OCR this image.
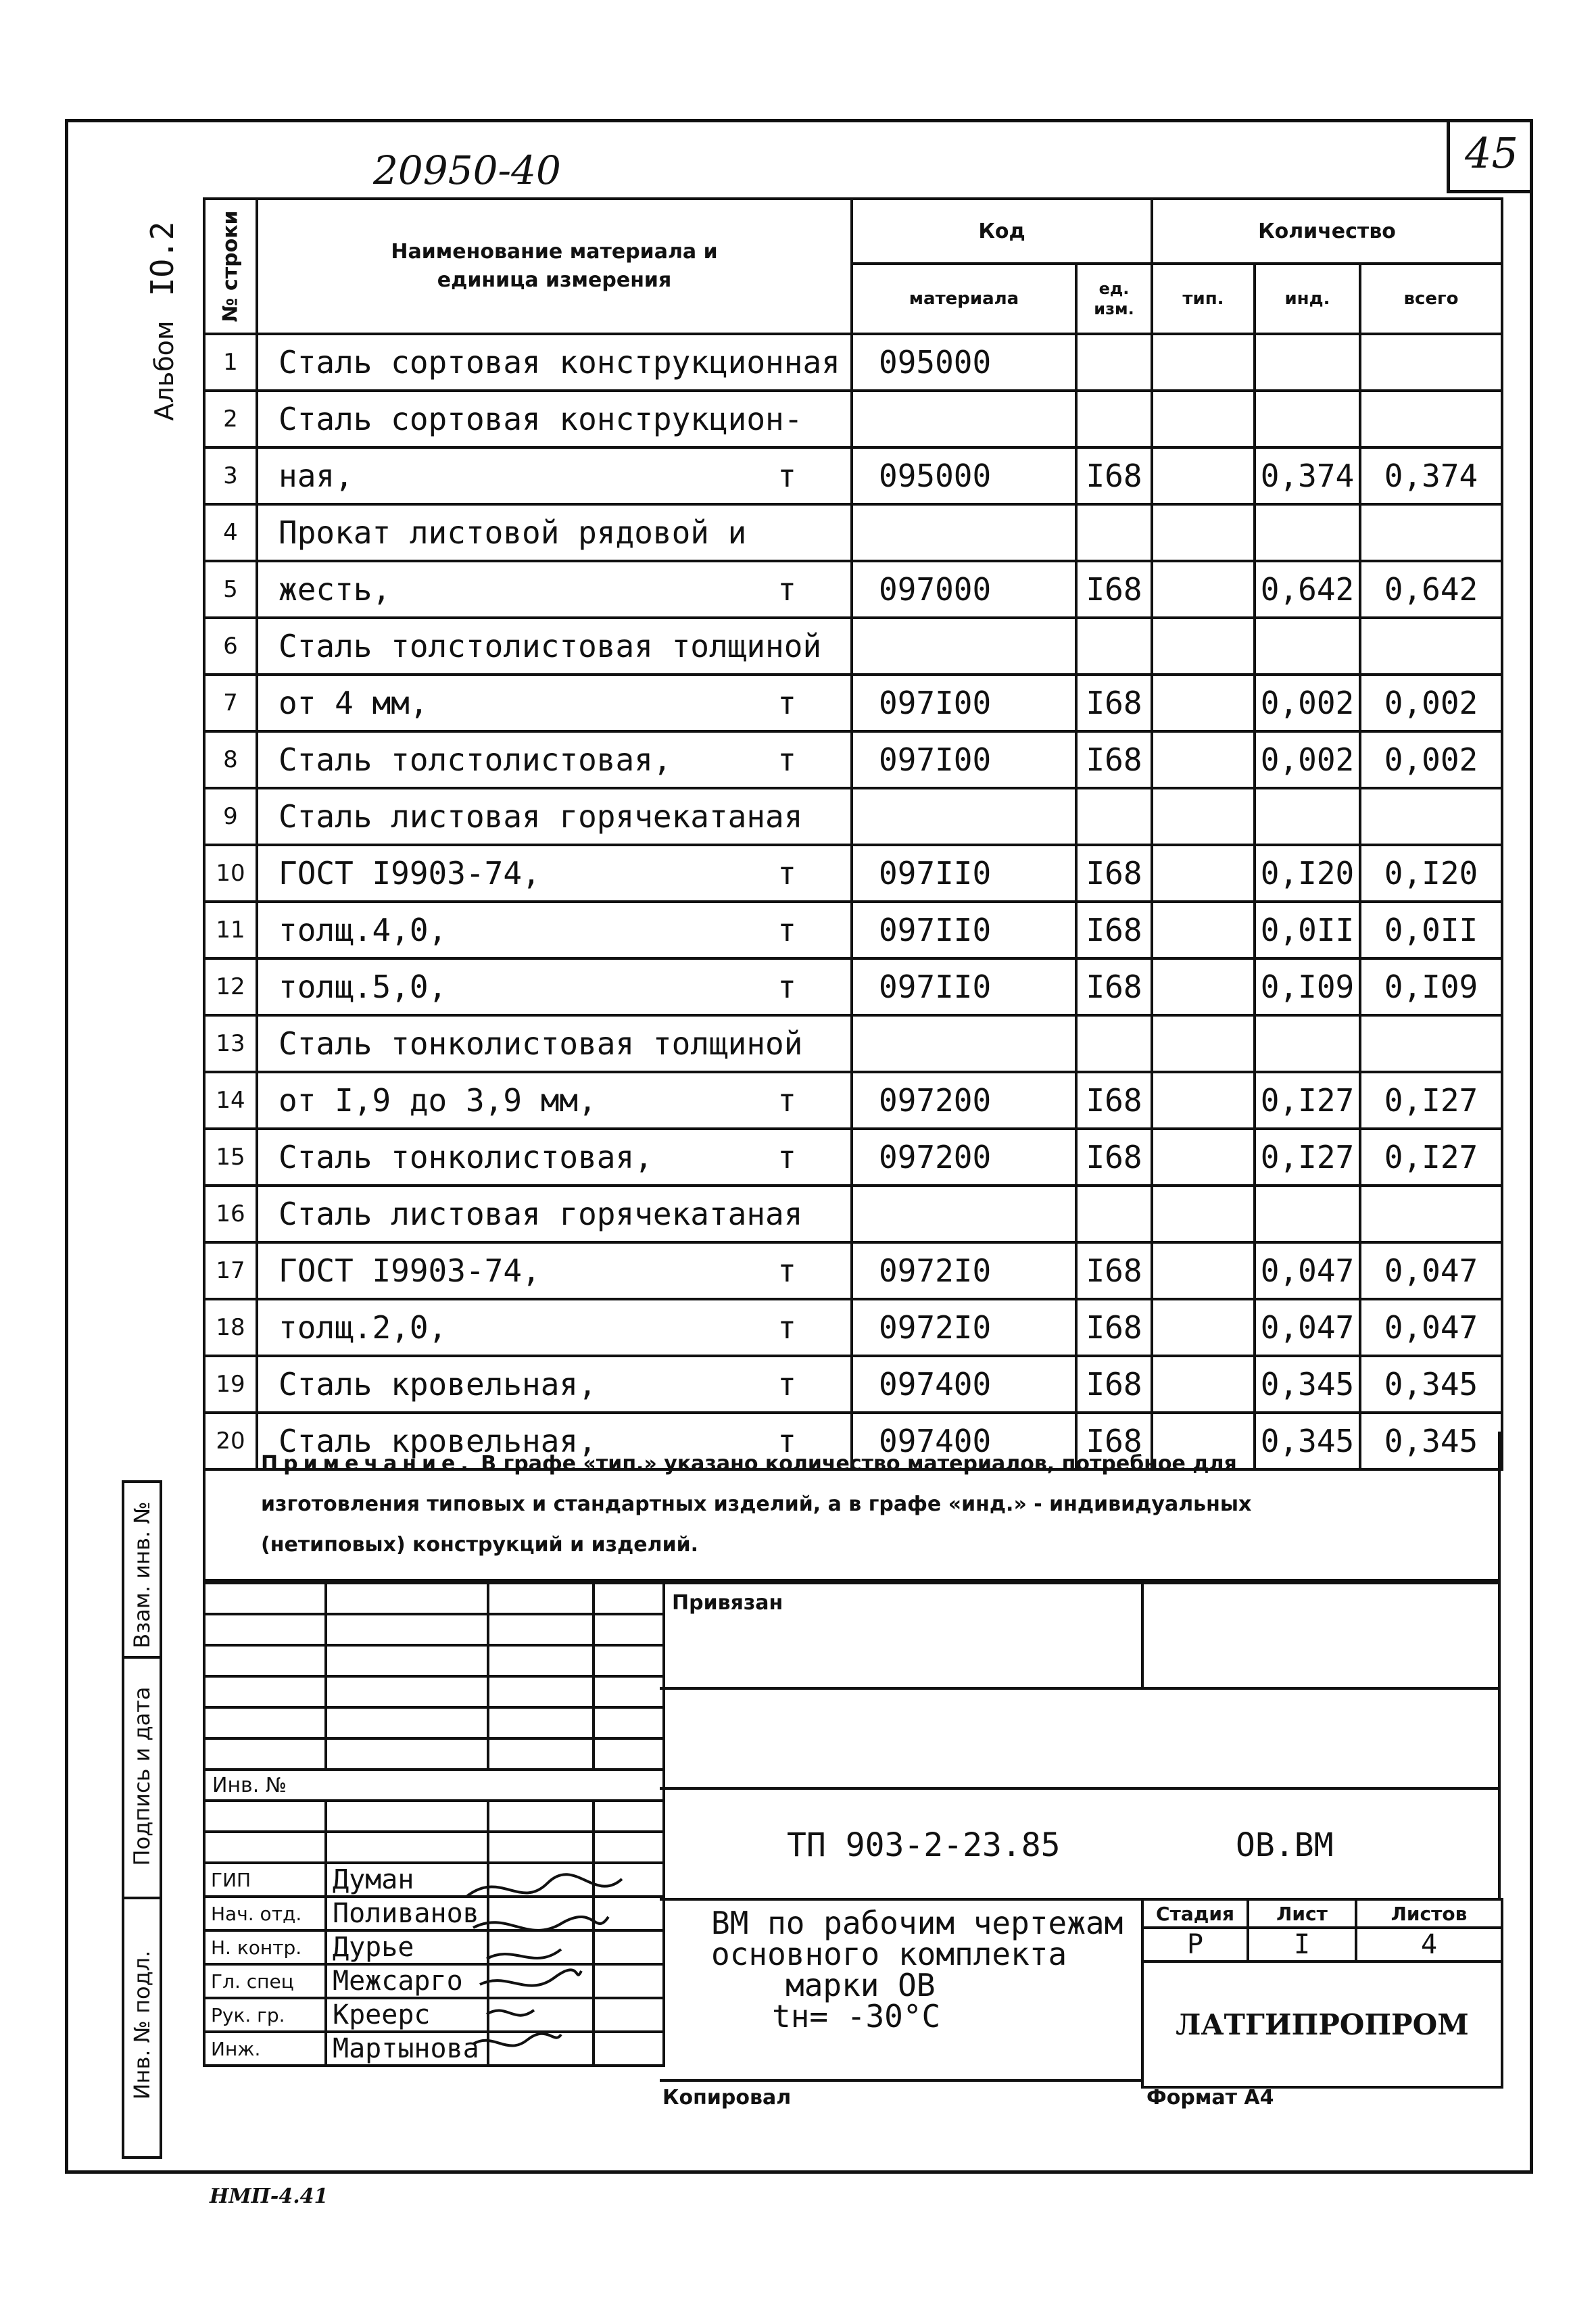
20950-40	45
Альбом IO.2 № строки	Наименование материала и единица измерения	Код		Количество		
		материала	ед. изм.	тип.	инд.	всего
1	Сталь сортовая конструкционная	095000				
2	Сталь сортовая конструкцион-					
3	ная, т	095000	I68		0,374	0,374
4	Прокат листовой рядовой и					
5	жесть, т	097000	I68		0,642	0,642
6	Сталь толстолистовая толщиной					
7	от 4 мм, т	097I00	I68		0,002	0,002
8	Сталь толстолистовая, т	097I00	I68		0,002	0,002
9	Сталь листовая горячекатаная					
10	ГОСТ I9903-74, т	097II0	I68		0,I20	0,I20
11	толщ.4,0, т	097II0	I68		0,0II	0,0II
12	толщ.5,0, т	097II0	I68		0,I09	0,I09
13	Сталь тонколистовая толщиной					
14	от I,9 до 3,9 мм, т	097200	I68		0,I27	0,I27
15	Сталь тонколистовая, т	097200	I68		0,I27	0,I27
16	Сталь листовая горячекатаная					
17	ГОСТ I9903-74, т	0972I0	I68		0,047	0,047
18	толщ.2,0, т	0972I0	I68		0,047	0,047
19	Сталь кровельная, т	097400	I68		0,345	0,345
20	Сталь кровельная, т	097400	I68		0,345	0,345
Примечание. В графе «тип.» указано количество материалов, потребное для
изготовления типовых и стандартных изделий, а в графе «инд.» - индивидуальных
(нетиповых) конструкций и изделий.
Взам. инв. №
Подпись и дата
Инв. № подл.

Инв. №			

ГИП	Думан		
Нач. отд.	Поливанов		
Н. контр.	Дурье		
Гл. спец	Межсарго		
Рук. гр.	Креерс		
Инж.	Мартынова		
Привязан
ТП 903-2-23.85	ОВ.ВМ
ВМ по рабочим чертежам
основного комплекта
марки ОВ
tн= -30°С
Стадия	Лист	Листов
Р	I	4
ЛАТГИПРОПРОМ		
Копировал	Формат А4
НМП-4.41
